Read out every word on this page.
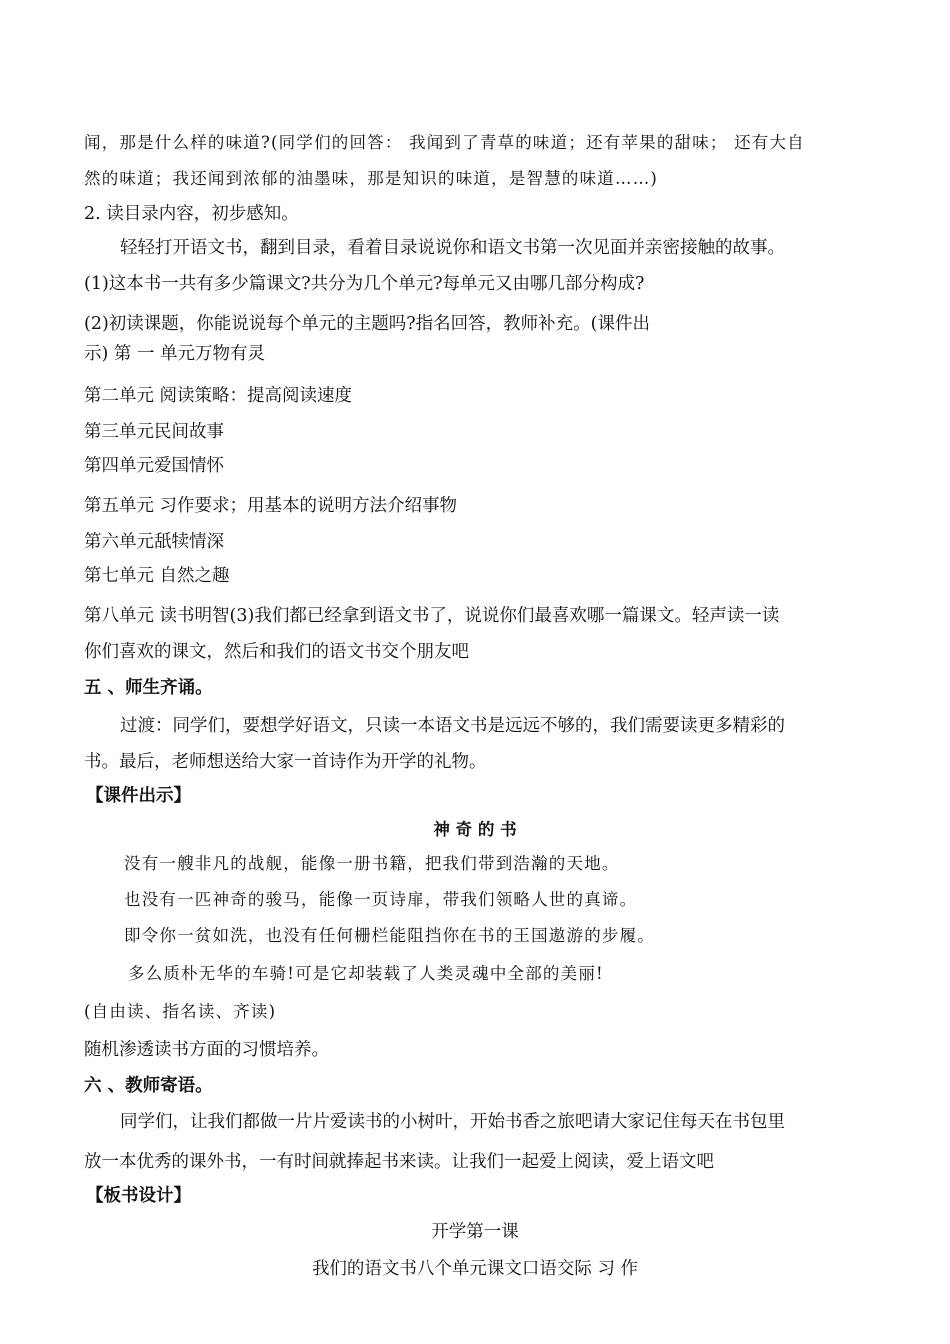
闻，那是什么样的味道?(同学们的回答： 我闻到了青草的味道；还有苹果的甜味； 还有大自
然的味道；我还闻到浓郁的油墨味，那是知识的味道，是智慧的味道……)
2. 读目录内容，初步感知。
轻轻打开语文书，翻到目录，看着目录说说你和语文书第一次见面并亲密接触的故事。
(1)这本书一共有多少篇课文?共分为几个单元?每单元又由哪几部分构成?
(2)初读课题，你能说说每个单元的主题吗?指名回答，教师补充。(课件出
示) 第 一 单元万物有灵
第二单元 阅读策略：提高阅读速度
第三单元民间故事
第四单元爱国情怀
第五单元 习作要求；用基本的说明方法介绍事物
第六单元舐犊情深
第七单元 自然之趣
第八单元 读书明智(3)我们都已经拿到语文书了，说说你们最喜欢哪一篇课文。轻声读一读
你们喜欢的课文，然后和我们的语文书交个朋友吧
五 、师生齐诵。
过渡：同学们，要想学好语文，只读一本语文书是远远不够的，我们需要读更多精彩的
书。最后，老师想送给大家一首诗作为开学的礼物。
【课件出示】
神 奇 的 书
没有一艘非凡的战舰，能像一册书籍，把我们带到浩瀚的天地。
也没有一匹神奇的骏马，能像一页诗扉，带我们领略人世的真谛。
即令你一贫如洗，也没有任何栅栏能阻挡你在书的王国遨游的步履。
多么质朴无华的车骑!可是它却装载了人类灵魂中全部的美丽!
(自由读、指名读、齐读)
随机渗透读书方面的习惯培养。
六 、教师寄语。
同学们，让我们都做一片片爱读书的小树叶，开始书香之旅吧请大家记住每天在书包里
放一本优秀的课外书，一有时间就捧起书来读。让我们一起爱上阅读，爱上语文吧
【板书设计】
开学第一课
我们的语文书八个单元课文口语交际 习 作
